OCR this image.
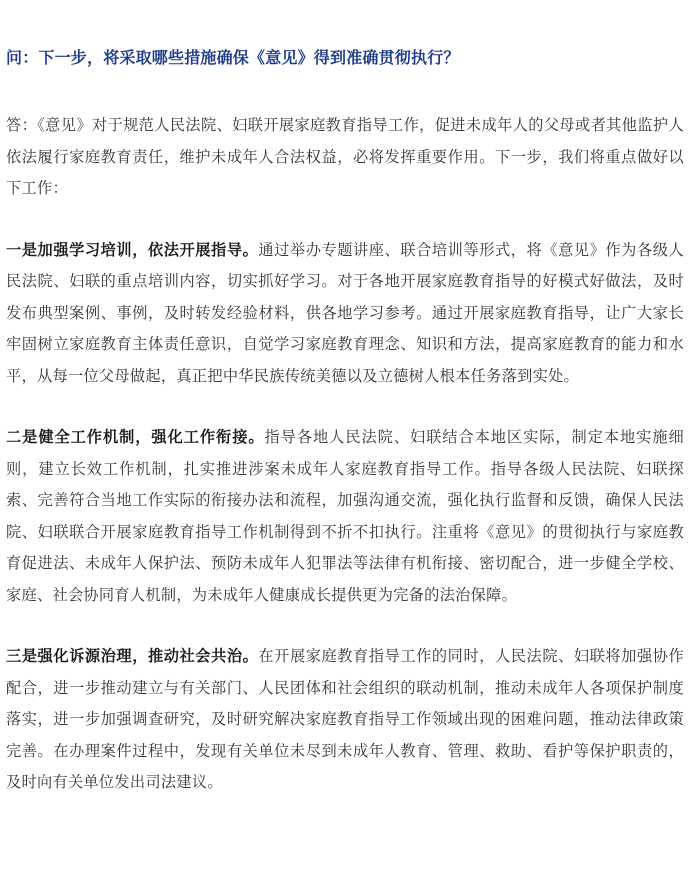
问：下一步，将采取哪些措施确保《意见》得到准确贯彻执行？

答：《意见》对于规范人民法院、妇联开展家庭教育指导工作，促进未成年人的父母或者其他监护人依法履行家庭教育责任，维护未成年人合法权益，必将发挥重要作用。下一步，我们将重点做好以下工作：

一是加强学习培训，依法开展指导。通过举办专题讲座、联合培训等形式，将《意见》作为各级人民法院、妇联的重点培训内容，切实抓好学习。对于各地开展家庭教育指导的好模式好做法，及时发布典型案例、事例，及时转发经验材料，供各地学习参考。通过开展家庭教育指导，让广大家长牢固树立家庭教育主体责任意识，自觉学习家庭教育理念、知识和方法，提高家庭教育的能力和水平，从每一位父母做起，真正把中华民族传统美德以及立德树人根本任务落到实处。

二是健全工作机制，强化工作衔接。指导各地人民法院、妇联结合本地区实际，制定本地实施细则，建立长效工作机制，扎实推进涉案未成年人家庭教育指导工作。指导各级人民法院、妇联探索、完善符合当地工作实际的衔接办法和流程，加强沟通交流，强化执行监督和反馈，确保人民法院、妇联联合开展家庭教育指导工作机制得到不折不扣执行。注重将《意见》的贯彻执行与家庭教育促进法、未成年人保护法、预防未成年人犯罪法等法律有机衔接、密切配合，进一步健全学校、家庭、社会协同育人机制，为未成年人健康成长提供更为完备的法治保障。

三是强化诉源治理，推动社会共治。在开展家庭教育指导工作的同时，人民法院、妇联将加强协作配合，进一步推动建立与有关部门、人民团体和社会组织的联动机制，推动未成年人各项保护制度落实，进一步加强调查研究，及时研究解决家庭教育指导工作领域出现的困难问题，推动法律政策完善。在办理案件过程中，发现有关单位未尽到未成年人教育、管理、救助、看护等保护职责的，及时向有关单位发出司法建议。
